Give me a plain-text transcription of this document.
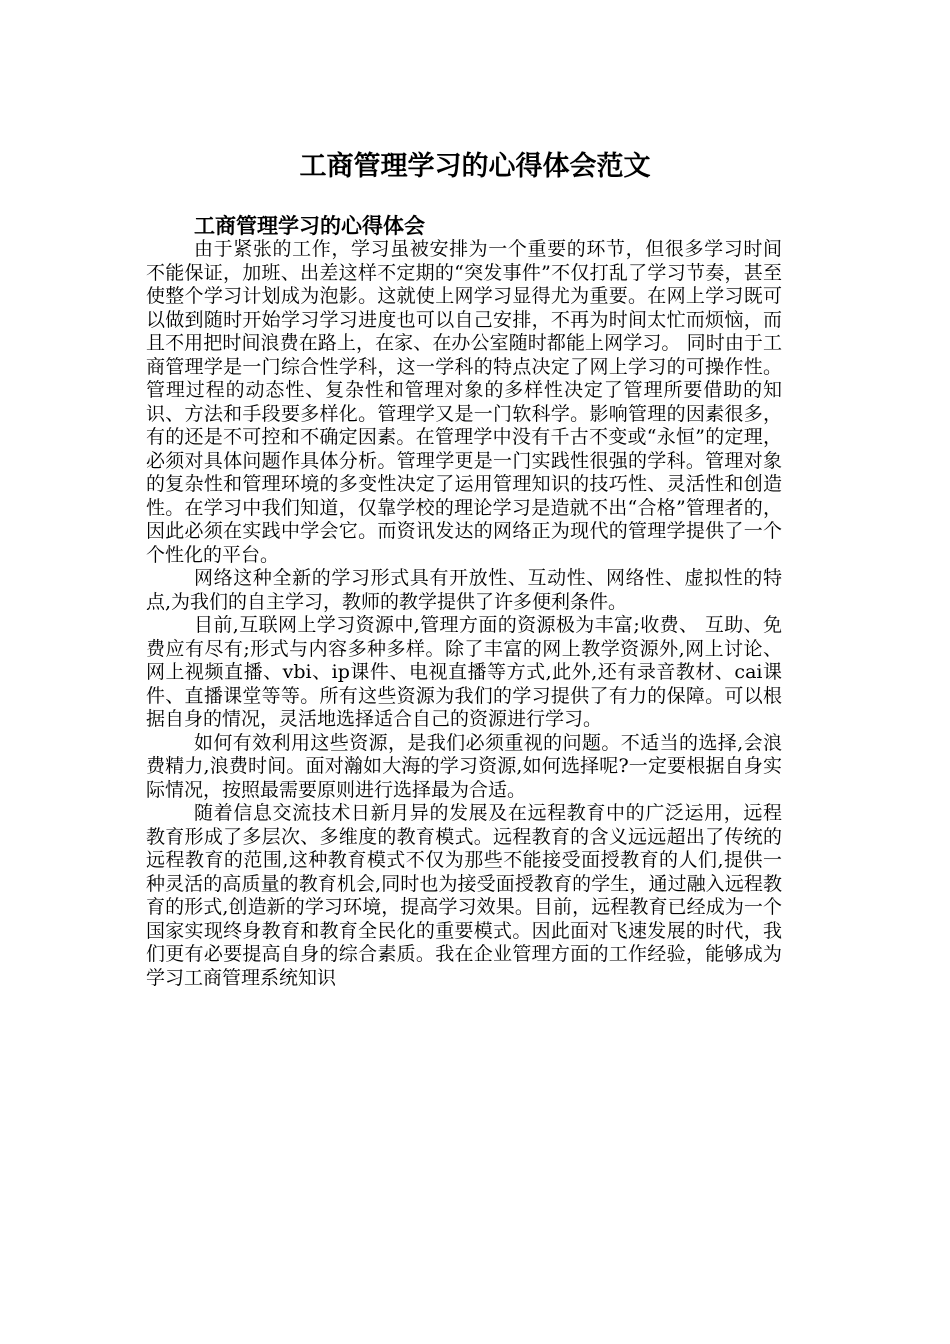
工商管理学习的心得体会范文
工商管理学习的心得体会

由于紧张的工作，学习虽被安排为一个重要的环节，但很多学习时间不能保证，加班、出差这样不定期的“突发事件”不仅打乱了学习节奏，甚至使整个学习计划成为泡影。这就使上网学习显得尤为重要。在网上学习既可以做到随时开始学习学习进度也可以自己安排，不再为时间太忙而烦恼，而且不用把时间浪费在路上，在家、在办公室随时都能上网学习。 同时由于工商管理学是一门综合性学科，这一学科的特点决定了网上学习的可操作性。管理过程的动态性、复杂性和管理对象的多样性决定了管理所要借助的知识、方法和手段要多样化。管理学又是一门软科学。影响管理的因素很多，有的还是不可控和不确定因素。在管理学中没有千古不变或“永恒”的定理，必须对具体问题作具体分析。管理学更是一门实践性很强的学科。管理对象的复杂性和管理环境的多变性决定了运用管理知识的技巧性、灵活性和创造性。在学习中我们知道，仅靠学校的理论学习是造就不出“合格”管理者的，因此必须在实践中学会它。而资讯发达的网络正为现代的管理学提供了一个个性化的平台。

网络这种全新的学习形式具有开放性、互动性、网络性、虚拟性的特点,为我们的自主学习，教师的教学提供了许多便利条件。

目前,互联网上学习资源中,管理方面的资源极为丰富;收费、 互助、免费应有尽有;形式与内容多种多样。除了丰富的网上教学资源外,网上讨论、网上视频直播、vbi、ip课件、电视直播等方式,此外,还有录音教材、cai课件、直播课堂等等。所有这些资源为我们的学习提供了有力的保障。可以根据自身的情况，灵活地选择适合自己的资源进行学习。

如何有效利用这些资源，是我们必须重视的问题。不适当的选择,会浪费精力,浪费时间。面对瀚如大海的学习资源,如何选择呢?一定要根据自身实际情况，按照最需要原则进行选择最为合适。

随着信息交流技术日新月异的发展及在远程教育中的广泛运用，远程教育形成了多层次、多维度的教育模式。远程教育的含义远远超出了传统的远程教育的范围,这种教育模式不仅为那些不能接受面授教育的人们,提供一种灵活的高质量的教育机会,同时也为接受面授教育的学生，通过融入远程教育的形式,创造新的学习环境，提高学习效果。目前，远程教育已经成为一个国家实现终身教育和教育全民化的重要模式。因此面对飞速发展的时代，我们更有必要提高自身的综合素质。我在企业管理方面的工作经验，能够成为学习工商管理系统知识
